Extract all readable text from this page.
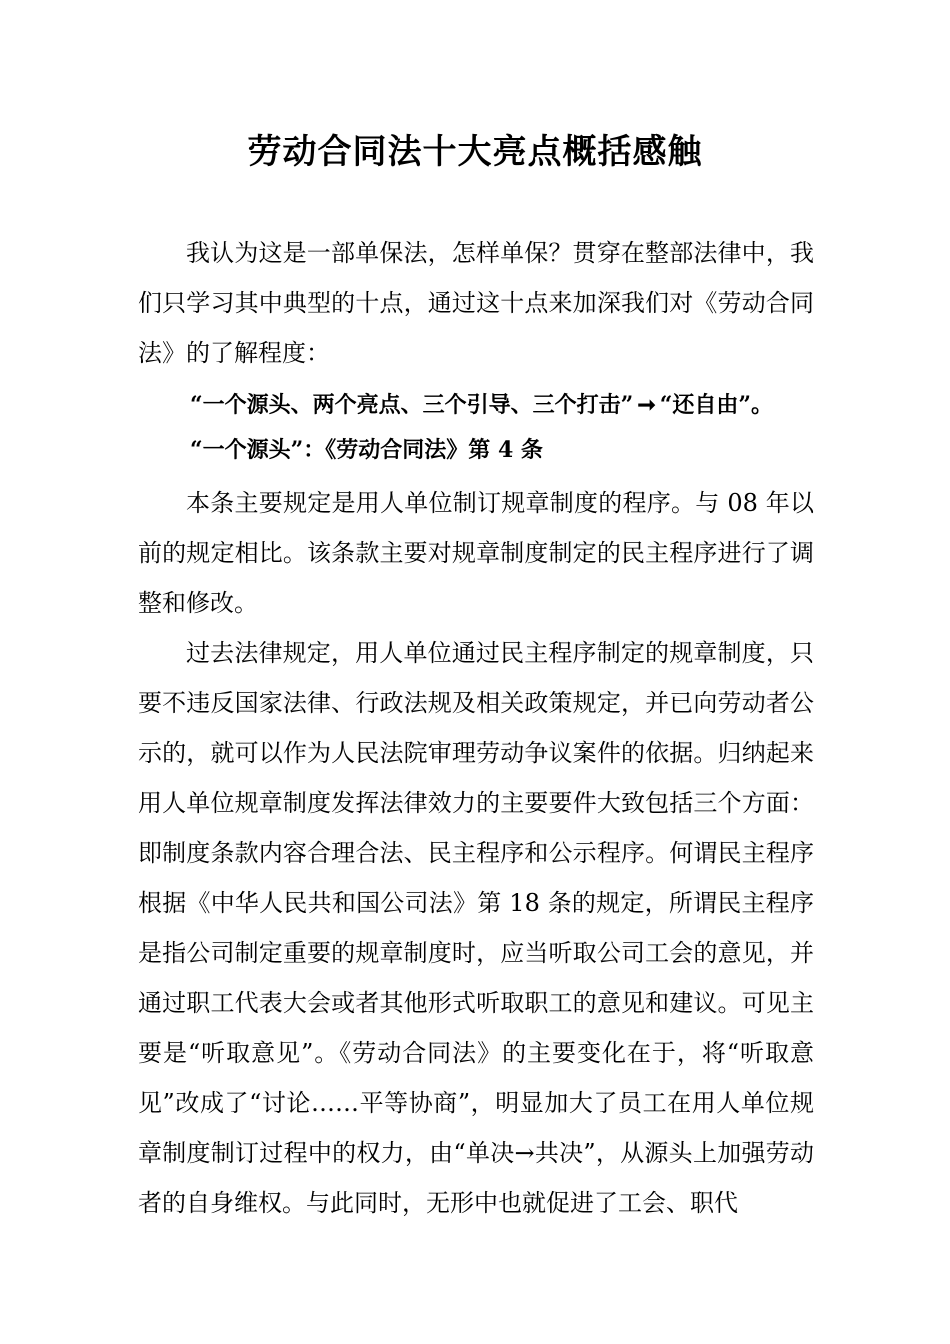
劳动合同法十大亮点概括感触

我认为这是一部单保法，怎样单保？贯穿在整部法律中，我们只学习其中典型的十点，通过这十点来加深我们对《劳动合同法》的了解程度：

“一个源头、两个亮点、三个引导、三个打击” ➞ “还自由”。
“一个源头”：《劳动合同法》第 4 条

本条主要规定是用人单位制订规章制度的程序。与 08 年以前的规定相比。该条款主要对规章制度制定的民主程序进行了调整和修改。

过去法律规定，用人单位通过民主程序制定的规章制度，只要不违反国家法律、行政法规及相关政策规定，并已向劳动者公示的，就可以作为人民法院审理劳动争议案件的依据。归纳起来用人单位规章制度发挥法律效力的主要要件大致包括三个方面：即制度条款内容合理合法、民主程序和公示程序。何谓民主程序根据《中华人民共和国公司法》第 18 条的规定，所谓民主程序是指公司制定重要的规章制度时，应当听取公司工会的意见，并通过职工代表大会或者其他形式听取职工的意见和建议。可见主要是“听取意见”。《劳动合同法》的主要变化在于，将“听取意见”改成了“讨论……平等协商”，明显加大了员工在用人单位规章制度制订过程中的权力，由“单决→共决”，从源头上加强劳动者的自身维权。与此同时，无形中也就促进了工会、职代
